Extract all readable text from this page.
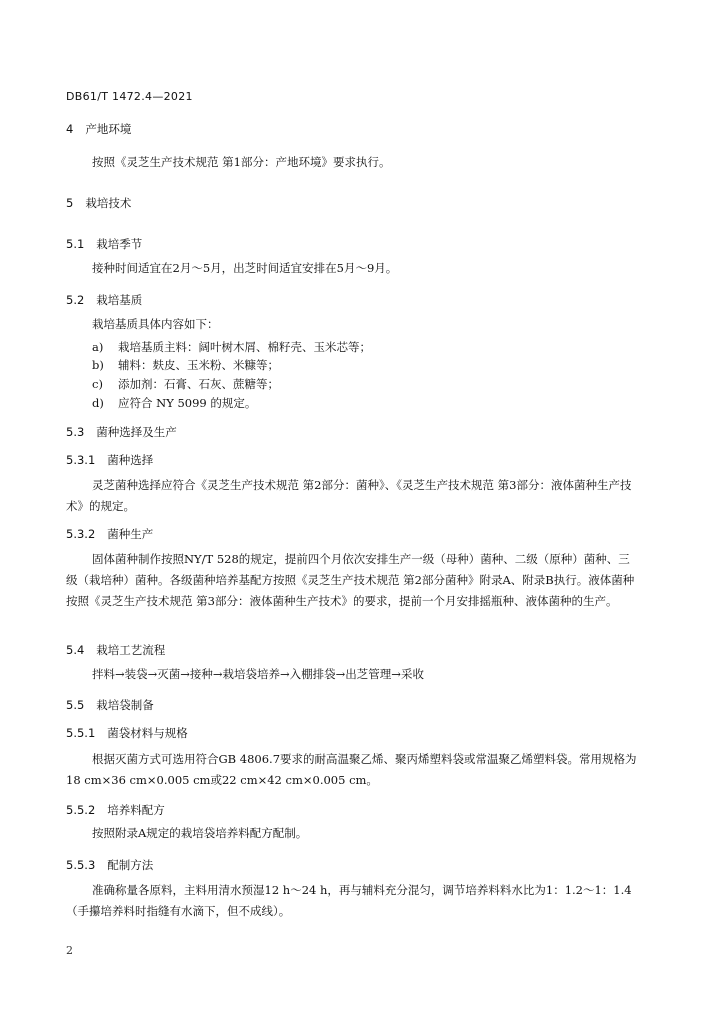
DB61/T 1472.4—2021
4 产地环境
按照《灵芝生产技术规范 第1部分：产地环境》要求执行。
5 栽培技术
5.1 栽培季节
接种时间适宜在2月～5月，出芝时间适宜安排在5月～9月。
5.2 栽培基质
栽培基质具体内容如下：
a) 栽培基质主料：阔叶树木屑、棉籽壳、玉米芯等；
b) 辅料：麸皮、玉米粉、米糠等；
c) 添加剂：石膏、石灰、蔗糖等；
d) 应符合 NY 5099 的规定。
5.3 菌种选择及生产
5.3.1 菌种选择
灵芝菌种选择应符合《灵芝生产技术规范 第2部分：菌种》、《灵芝生产技术规范 第3部分：液体菌种生产技术》的规定。
5.3.2 菌种生产
固体菌种制作按照NY/T 528的规定，提前四个月依次安排生产一级（母种）菌种、二级（原种）菌种、三级（栽培种）菌种。各级菌种培养基配方按照《灵芝生产技术规范 第2部分菌种》附录A、附录B执行。液体菌种按照《灵芝生产技术规范 第3部分：液体菌种生产技术》的要求，提前一个月安排摇瓶种、液体菌种的生产。
5.4 栽培工艺流程
拌料→装袋→灭菌→接种→栽培袋培养→入棚排袋→出芝管理→采收
5.5 栽培袋制备
5.5.1 菌袋材料与规格
根据灭菌方式可选用符合GB 4806.7要求的耐高温聚乙烯、聚丙烯塑料袋或常温聚乙烯塑料袋。常用规格为18 cm×36 cm×0.005 cm或22 cm×42 cm×0.005 cm。
5.5.2 培养料配方
按照附录A规定的栽培袋培养料配方配制。
5.5.3 配制方法
准确称量各原料，主料用清水预湿12 h～24 h，再与辅料充分混匀，调节培养料料水比为1：1.2～1：1.4（手攥培养料时指缝有水滴下，但不成线）。
2
